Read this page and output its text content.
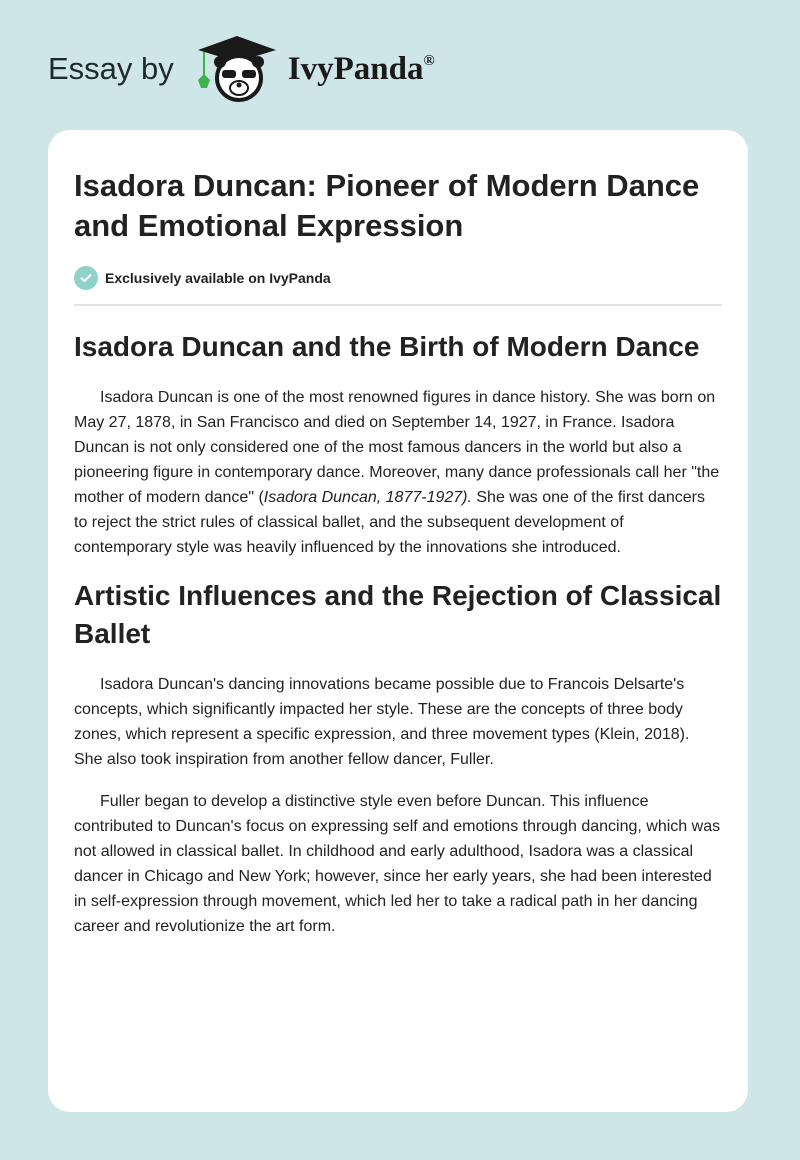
Essay by	IvyPanda®
Isadora Duncan: Pioneer of Modern Dance and Emotional Expression
Exclusively available on IvyPanda
Isadora Duncan and the Birth of Modern Dance

Isadora Duncan is one of the most renowned figures in dance history. She was born on May 27, 1878, in San Francisco and died on September 14, 1927, in France. Isadora Duncan is not only considered one of the most famous dancers in the world but also a pioneering figure in contemporary dance. Moreover, many dance professionals call her "the mother of modern dance" (Isadora Duncan, 1877-1927). She was one of the first dancers to reject the strict rules of classical ballet, and the subsequent development of contemporary style was heavily influenced by the innovations she introduced.

Artistic Influences and the Rejection of Classical Ballet

Isadora Duncan's dancing innovations became possible due to Francois Delsarte's concepts, which significantly impacted her style. These are the concepts of three body zones, which represent a specific expression, and three movement types (Klein, 2018). She also took inspiration from another fellow dancer, Fuller.

Fuller began to develop a distinctive style even before Duncan. This influence contributed to Duncan's focus on expressing self and emotions through dancing, which was not allowed in classical ballet. In childhood and early adulthood, Isadora was a classical dancer in Chicago and New York; however, since her early years, she had been interested in self-expression through movement, which led her to take a radical path in her dancing career and revolutionize the art form.
